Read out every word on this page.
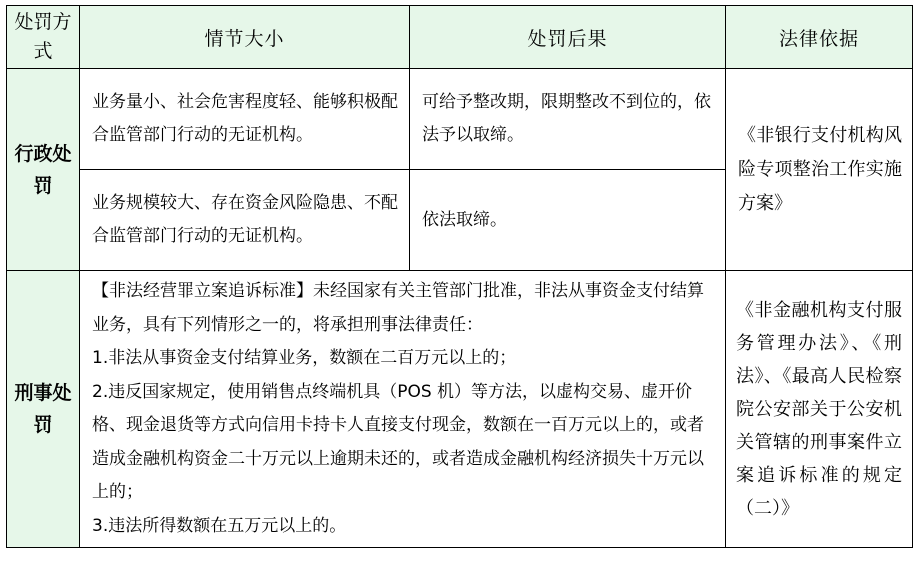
处罚方式	情节大小	处罚后果	法律依据
行政处罚	业务量小、社会危害程度轻、能够积极配合监管部门行动的无证机构。	可给予整改期，限期整改不到位的，依法予以取缔。	《非银行支付机构风险专项整治工作实施方案》
	业务规模较大、存在资金风险隐患、不配合监管部门行动的无证机构。	依法取缔。	
刑事处罚	【非法经营罪立案追诉标准】未经国家有关主管部门批准，非法从事资金支付结算业务，具有下列情形之一的，将承担刑事法律责任：

1.非法从事资金支付结算业务，数额在二百万元以上的；

2.违反国家规定，使用销售点终端机具（POS 机）等方法，以虚构交易、虚开价格、现金退货等方式向信用卡持卡人直接支付现金，数额在一百万元以上的，或者造成金融机构资金二十万元以上逾期未还的，或者造成金融机构经济损失十万元以上的；

3.违法所得数额在五万元以上的。		《非金融机构支付服务管理办法》、《刑法》、《最高人民检察院公安部关于公安机关管辖的刑事案件立案追诉标准的规定（二）》
